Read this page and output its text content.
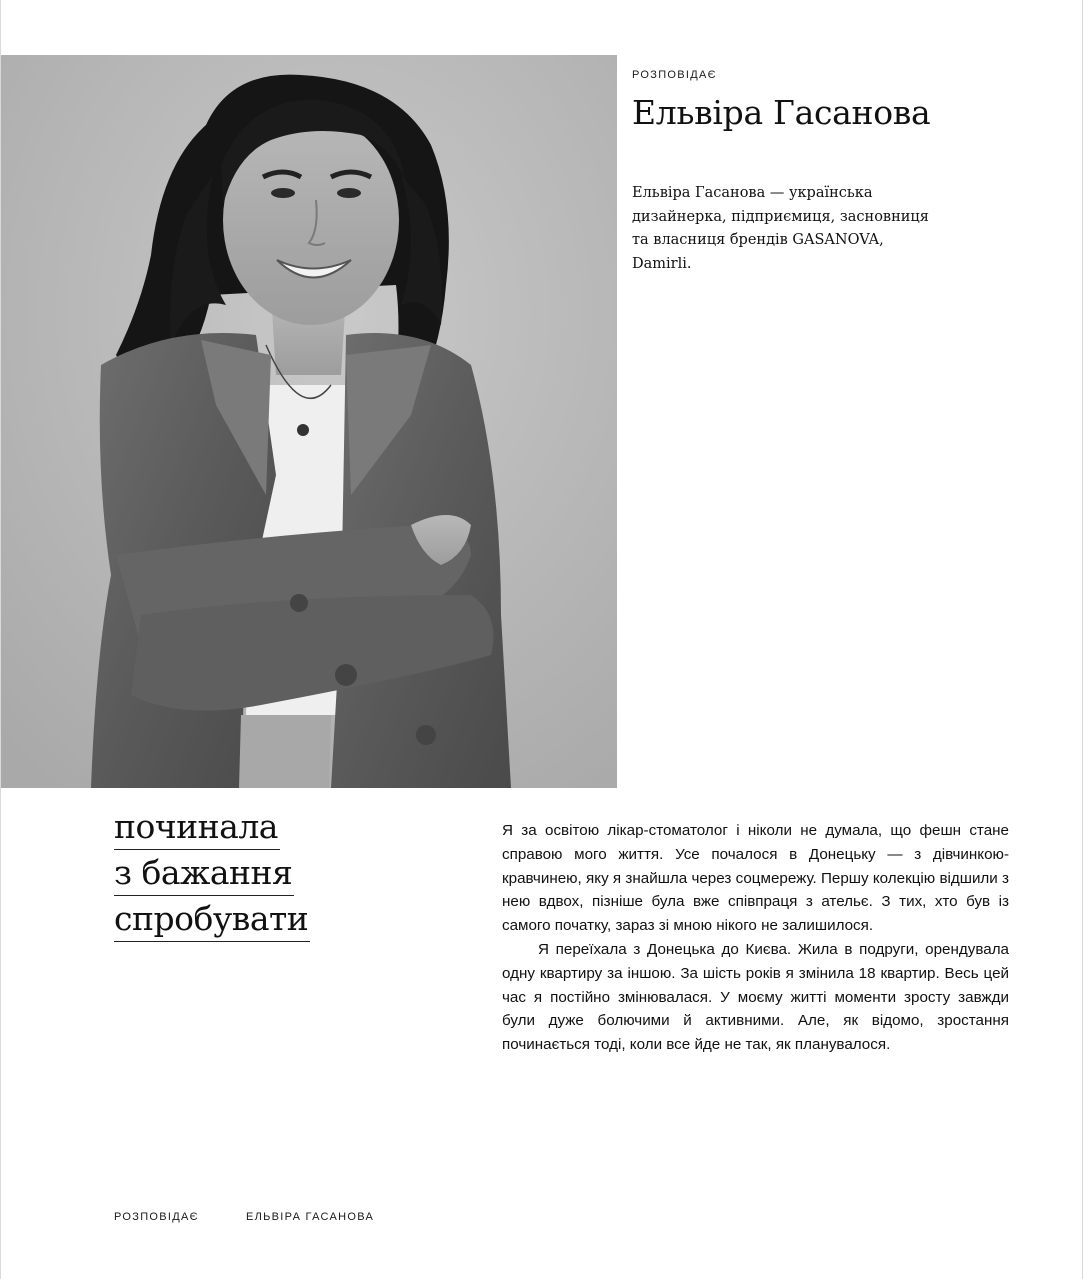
РОЗПОВІДАЄ
Ельвіра Гасанова

Ельвіра Гасанова — українська дизайнерка, підприємиця, засновниця та власниця брендів GASANOVA, Damirli.

починала
з бажання
спробувати

Я за освітою лікар-стоматолог і ніколи не думала, що фешн стане справою мого життя. Усе почалося в Донецьку — з дівчинкою-кравчинею, яку я знайшла через соцмережу. Першу колекцію відшили з нею вдвох, пізніше була вже співпраця з ательє. З тих, хто був із самого початку, зараз зі мною нікого не залишилося.

Я переїхала з Донецька до Києва. Жила в подруги, орендувала одну квартиру за іншою. За шість років я змінила 18 квартир. Весь цей час я постійно змінювалася. У моєму житті моменти зросту завжди були дуже болючими й активними. Але, як відомо, зростання починається тоді, коли все йде не так, як планувалося.

РОЗПОВІДАЄ	ЕЛЬВІРА ГАСАНОВА
